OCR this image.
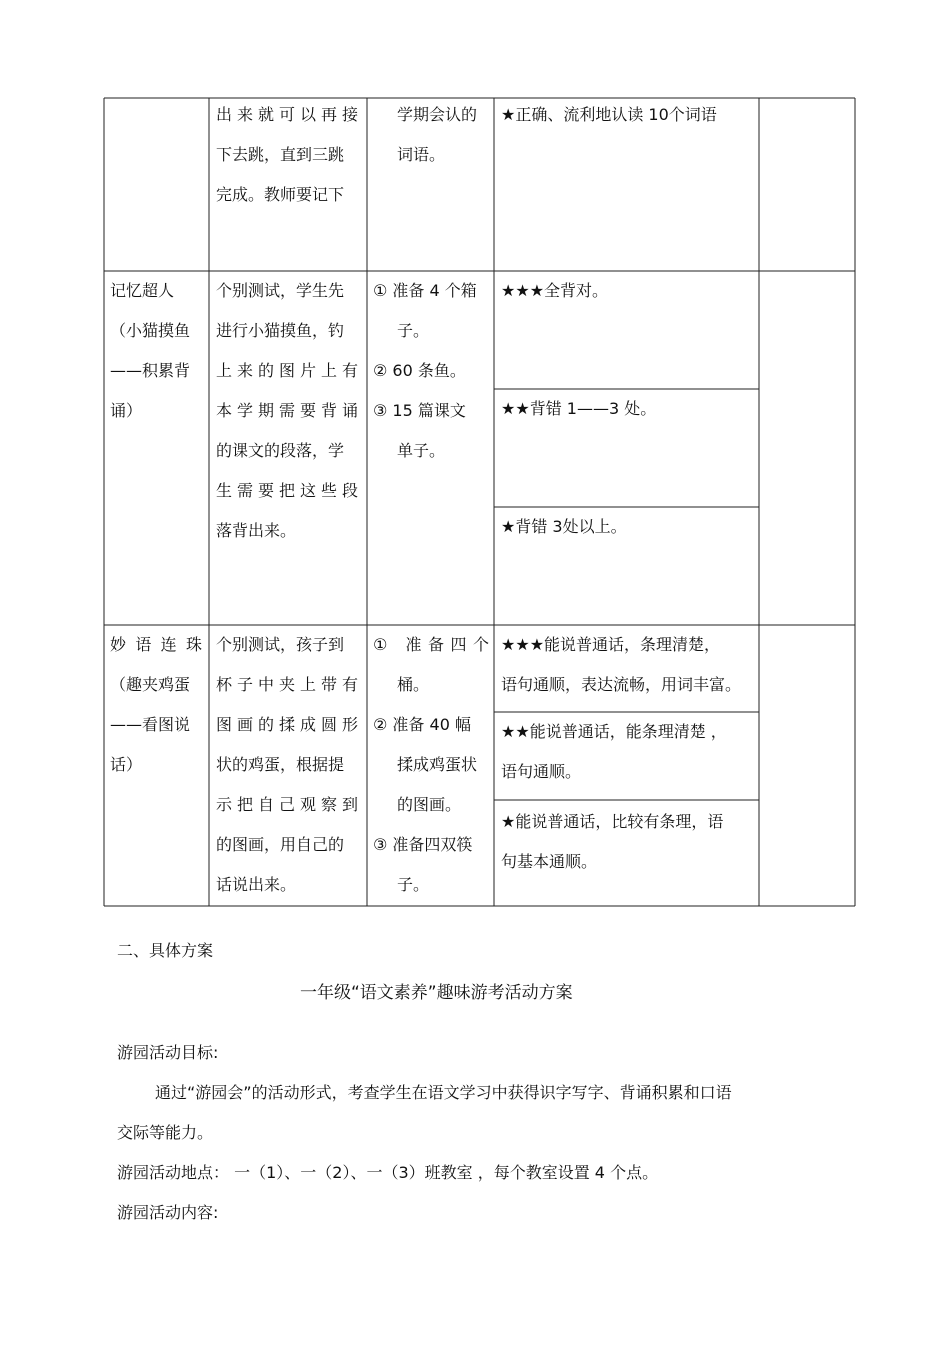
出来就可以再接
下去跳，直到三跳
完成。教师要记下
学期会认的
词语。
★正确、流利地认读 10个词语
记忆超人
（小猫摸鱼
——积累背
诵）
个别测试，学生先
进行小猫摸鱼，钓
上来的图片上有
本学期需要背诵
的课文的段落，学
生需要把这些段
落背出来。
① 准备 4 个箱
子。
② 60 条鱼。
③ 15 篇课文
单子。
★★★全背对。
★★背错 1——3 处。
★背错 3处以上。
妙语连珠
（趣夹鸡蛋
——看图说
话）
个别测试，孩子到
杯子中夹上带有
图画的揉成圆形
状的鸡蛋，根据提
示把自己观察到
的图画，用自己的
话说出来。
① 准备四个
桶。
② 准备 40 幅
揉成鸡蛋状
的图画。
③ 准备四双筷
子。
★★★能说普通话，条理清楚，
语句通顺，表达流畅，用词丰富。
★★能说普通话，能条理清楚 ，
语句通顺。
★能说普通话，比较有条理，语
句基本通顺。
二、具体方案
一年级“语文素养”趣味游考活动方案
游园活动目标:
通过“游园会”的活动形式，考查学生在语文学习中获得识字写字、背诵积累和口语
交际等能力。
游园活动地点： 一（1）、一（2）、一（3）班教室 ，每个教室设置 4 个点。
游园活动内容:
